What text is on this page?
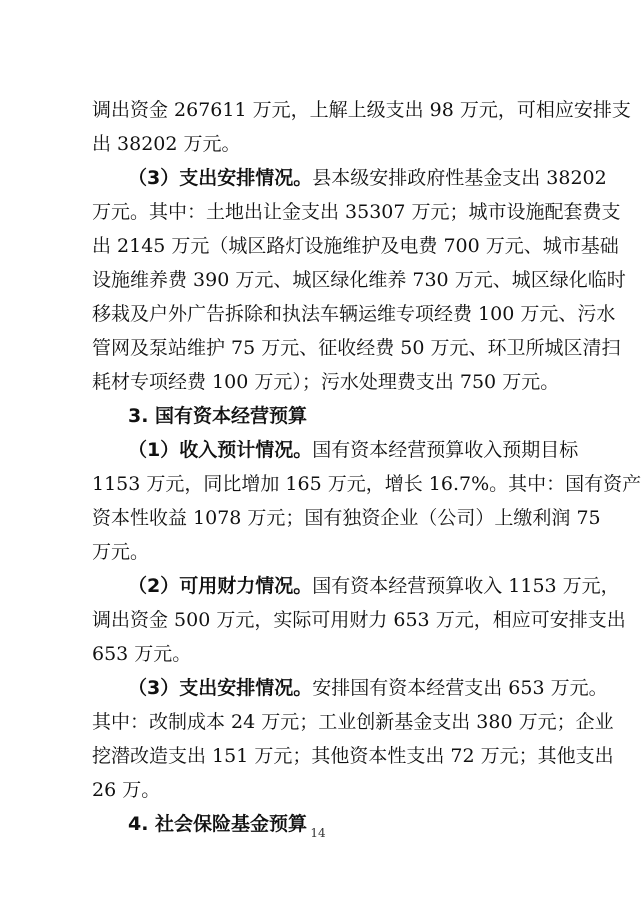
调出资金 267611 万元，上解上级支出 98 万元，可相应安排支
出 38202 万元。
（3）支出安排情况。县本级安排政府性基金支出 38202
万元。其中：土地出让金支出 35307 万元；城市设施配套费支
出 2145 万元（城区路灯设施维护及电费 700 万元、城市基础
设施维养费 390 万元、城区绿化维养 730 万元、城区绿化临时
移栽及户外广告拆除和执法车辆运维专项经费 100 万元、污水
管网及泵站维护 75 万元、征收经费 50 万元、环卫所城区清扫
耗材专项经费 100 万元）；污水处理费支出 750 万元。
3. 国有资本经营预算
（1）收入预计情况。国有资本经营预算收入预期目标
1153 万元，同比增加 165 万元，增长 16.7%。其中：国有资产
资本性收益 1078 万元；国有独资企业（公司）上缴利润 75
万元。
（2）可用财力情况。国有资本经营预算收入 1153 万元，
调出资金 500 万元，实际可用财力 653 万元，相应可安排支出
653 万元。
（3）支出安排情况。安排国有资本经营支出 653 万元。
其中：改制成本 24 万元；工业创新基金支出 380 万元；企业
挖潜改造支出 151 万元；其他资本性支出 72 万元；其他支出
26 万。
4. 社会保险基金预算 14
